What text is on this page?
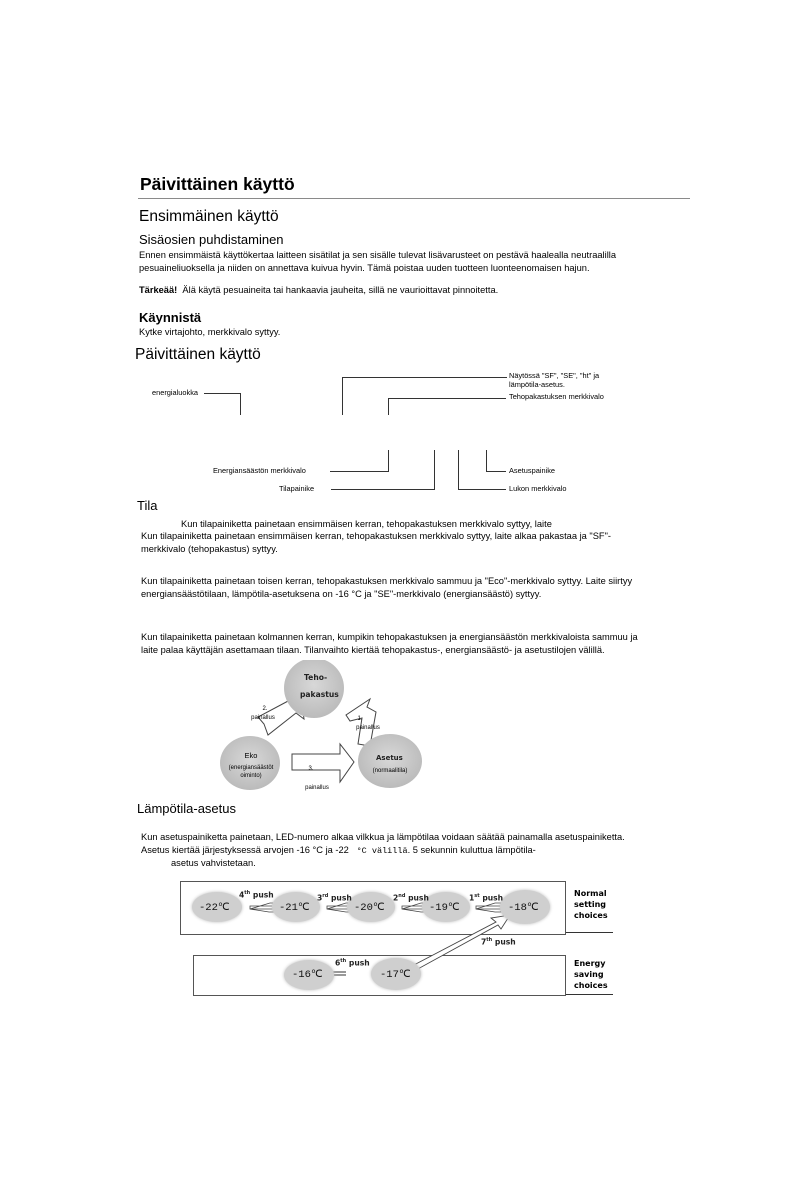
Päivittäinen käyttö
Ensimmäinen käyttö
Sisäosien puhdistaminen
Ennen ensimmäistä käyttökertaa laitteen sisätilat ja sen sisälle tulevat lisävarusteet on pestävä haalealla neutraalilla
pesuaineliuoksella ja niiden on annettava kuivua hyvin. Tämä poistaa uuden tuotteen luonteenomaisen hajun.
Tärkeää! Älä käytä pesuaineita tai hankaavia jauheita, sillä ne vaurioittavat pinnoitetta.
Käynnistä
Kytke virtajohto, merkkivalo syttyy.
Päivittäinen käyttö
energialuokka
Näytössä "SF", "SE", "ht" ja
lämpötila-asetus.
Tehopakastuksen merkkivalo
Energiansäästön merkkivalo
Tilapainike
Asetuspainike
Lukon merkkivalo
Tila
Kun tilapainiketta painetaan ensimmäisen kerran, tehopakastuksen merkkivalo syttyy, laite
Kun tilapainiketta painetaan ensimmäisen kerran, tehopakastuksen merkkivalo syttyy, laite alkaa pakastaa ja "SF"-
merkkivalo (tehopakastus) syttyy.
Kun tilapainiketta painetaan toisen kerran, tehopakastuksen merkkivalo sammuu ja "Eco"-merkkivalo syttyy. Laite siirtyy
energiansäästötilaan, lämpötila-asetuksena on -16 °C ja "SE"-merkkivalo (energiansäästö) syttyy.
Kun tilapainiketta painetaan kolmannen kerran, kumpikin tehopakastuksen ja energiansäästön merkkivaloista sammuu ja
laite palaa käyttäjän asettamaan tilaan. Tilanvaihto kiertää tehopakastus-, energiansäästö- ja asetustilojen välillä.
Teho-
pakastus
2.
painallus	1.
painallus
Eko
(energiansäästöt
oiminto)
Asetus
(normaalitila)
3.
painallus
Lämpötila-asetus
Kun asetuspainiketta painetaan, LED-numero alkaa vilkkua ja lämpötilaa voidaan säätää painamalla asetuspainiketta.
Asetus kiertää järjestyksessä arvojen -16 °C ja -22 °C välillä. 5 sekunnin kuluttua lämpötila-
asetus vahvistetaan.
-22℃	-21℃	-20℃	-19℃	-18℃
-16℃	-17℃
4th push	3rd push	2nd push	1st push
6th push
7th push
Normal
setting
choices
Energy
saving
choices
